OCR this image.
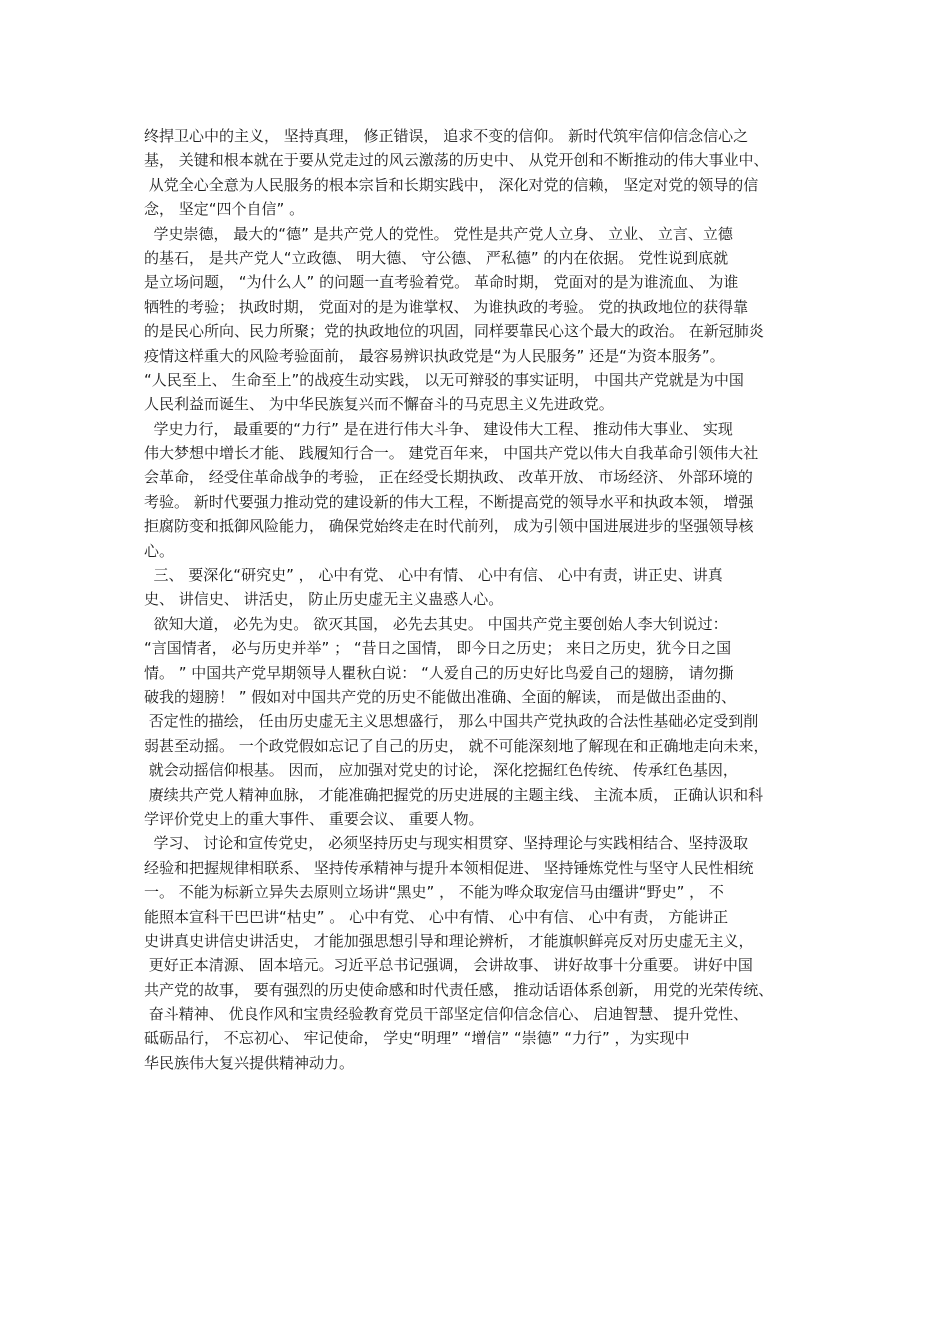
终捍卫心中的主义， 坚持真理， 修正错误， 追求不变的信仰。 新时代筑牢信仰信念信心之
基， 关键和根本就在于要从党走过的风云激荡的历史中、 从党开创和不断推动的伟大事业中、
从党全心全意为人民服务的根本宗旨和长期实践中， 深化对党的信赖， 坚定对党的领导的信
念， 坚定“四个自信” 。
学史崇德， 最大的“德” 是共产党人的党性。 党性是共产党人立身、 立业、 立言、立德
的基石， 是共产党人“立政德、 明大德、 守公德、 严私德” 的内在依据。 党性说到底就
是立场问题， “为什么人” 的问题一直考验着党。 革命时期， 党面对的是为谁流血、 为谁
牺牲的考验； 执政时期， 党面对的是为谁掌权、 为谁执政的考验。 党的执政地位的获得靠
的是民心所向、民力所聚；党的执政地位的巩固，同样要靠民心这个最大的政治。 在新冠肺炎
疫情这样重大的风险考验面前， 最容易辨识执政党是“为人民服务” 还是“为资本服务”。
“人民至上、 生命至上”的战疫生动实践， 以无可辩驳的事实证明， 中国共产党就是为中国
人民利益而诞生、 为中华民族复兴而不懈奋斗的马克思主义先进政党。
学史力行， 最重要的“力行” 是在进行伟大斗争、 建设伟大工程、 推动伟大事业、 实现
伟大梦想中增长才能、 践履知行合一。 建党百年来， 中国共产党以伟大自我革命引领伟大社
会革命， 经受住革命战争的考验， 正在经受长期执政、 改革开放、 市场经济、 外部环境的
考验。 新时代要强力推动党的建设新的伟大工程，不断提高党的领导水平和执政本领， 增强
拒腐防变和抵御风险能力， 确保党始终走在时代前列， 成为引领中国进展进步的坚强领导核
心。
三、 要深化“研究史” ， 心中有党、 心中有情、 心中有信、 心中有责，讲正史、讲真
史、 讲信史、 讲活史， 防止历史虚无主义蛊惑人心。
欲知大道， 必先为史。 欲灭其国， 必先去其史。 中国共产党主要创始人李大钊说过：
“言国情者， 必与历史并举” ； “昔日之国情， 即今日之历史； 来日之历史，犹今日之国
情。 ” 中国共产党早期领导人瞿秋白说： “人爱自己的历史好比鸟爱自己的翅膀， 请勿撕
破我的翅膀！ ” 假如对中国共产党的历史不能做出准确、全面的解读， 而是做出歪曲的、
否定性的描绘， 任由历史虚无主义思想盛行， 那么中国共产党执政的合法性基础必定受到削
弱甚至动摇。 一个政党假如忘记了自己的历史， 就不可能深刻地了解现在和正确地走向未来，
就会动摇信仰根基。 因而， 应加强对党史的讨论， 深化挖掘红色传统、 传承红色基因，
赓续共产党人精神血脉， 才能准确把握党的历史进展的主题主线、 主流本质， 正确认识和科
学评价党史上的重大事件、 重要会议、 重要人物。
学习、 讨论和宣传党史， 必须坚持历史与现实相贯穿、坚持理论与实践相结合、坚持汲取
经验和把握规律相联系、 坚持传承精神与提升本领相促进、 坚持锤炼党性与坚守人民性相统
一。 不能为标新立异失去原则立场讲“黑史” ， 不能为哗众取宠信马由缰讲“野史” ， 不
能照本宣科干巴巴讲“枯史” 。 心中有党、 心中有情、 心中有信、 心中有责， 方能讲正
史讲真史讲信史讲活史， 才能加强思想引导和理论辨析， 才能旗帜鲜亮反对历史虚无主义，
更好正本清源、 固本培元。习近平总书记强调， 会讲故事、 讲好故事十分重要。 讲好中国
共产党的故事， 要有强烈的历史使命感和时代责任感， 推动话语体系创新， 用党的光荣传统、
奋斗精神、 优良作风和宝贵经验教育党员干部坚定信仰信念信心、 启迪智慧、 提升党性、
砥砺品行， 不忘初心、 牢记使命， 学史“明理” “增信” “崇德” “力行” ，为实现中
华民族伟大复兴提供精神动力。
